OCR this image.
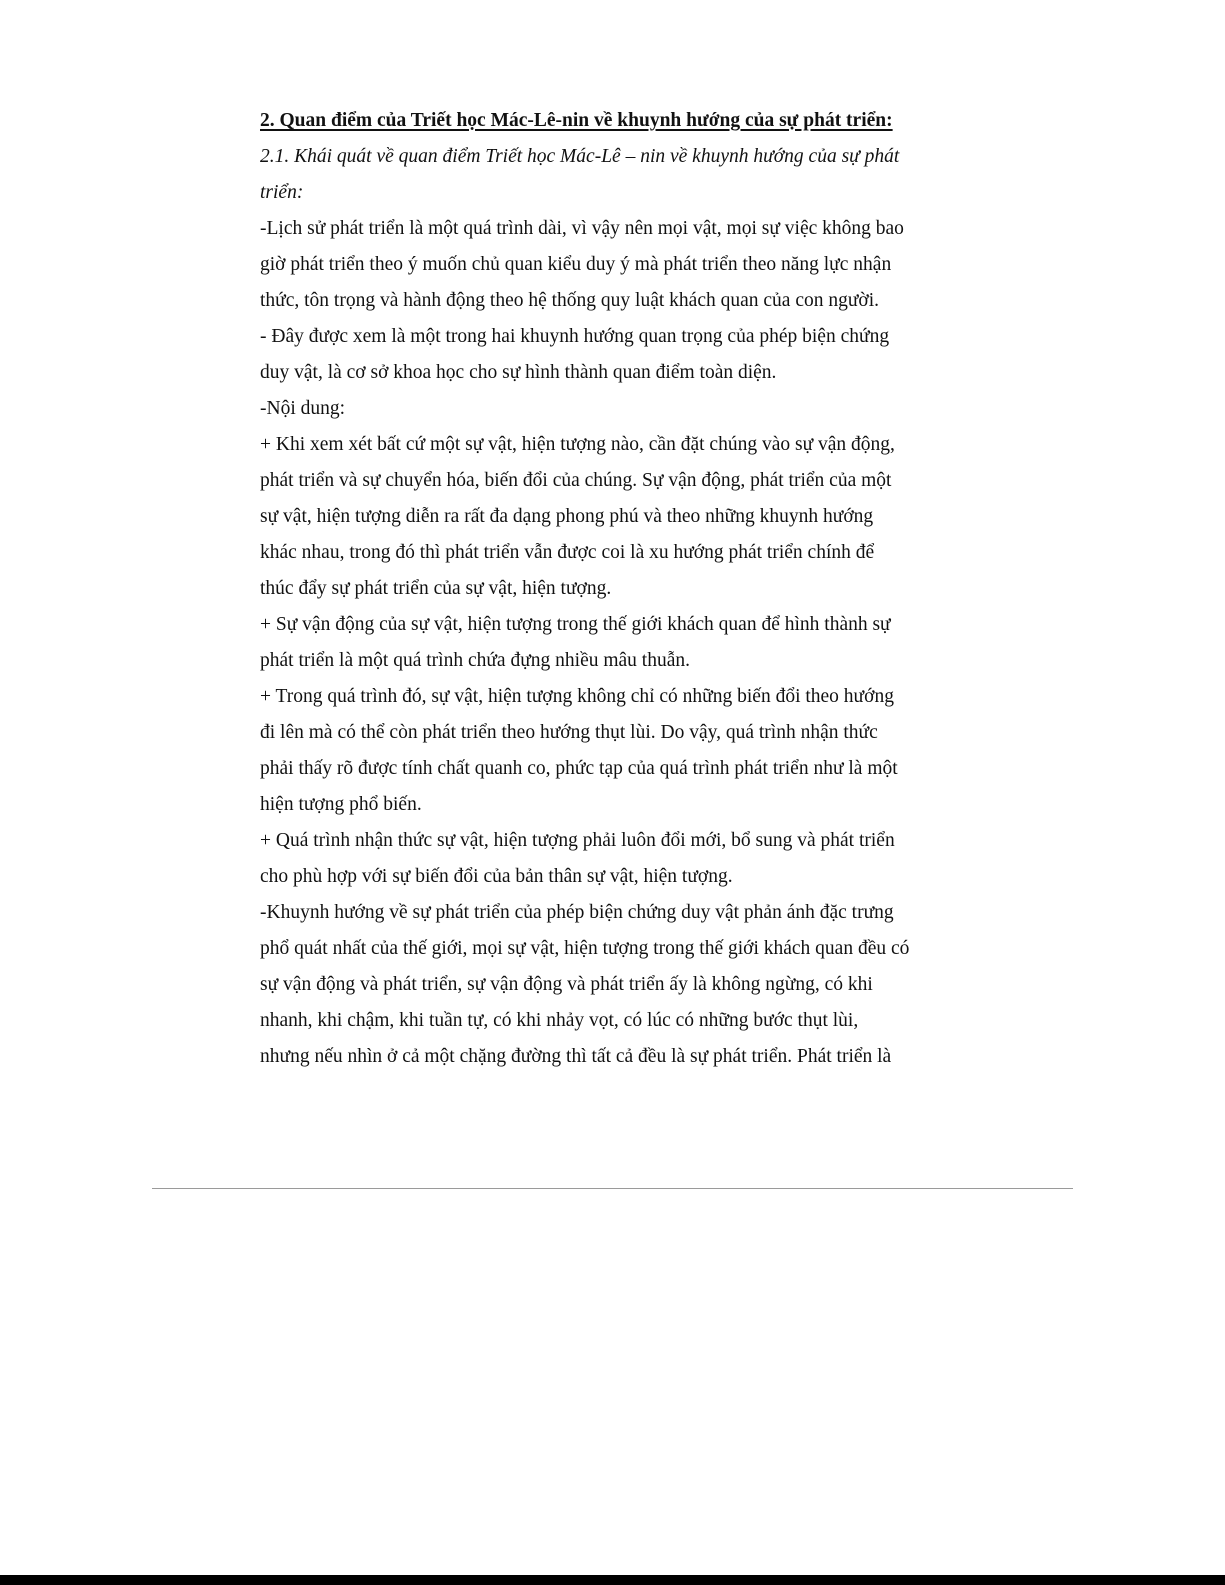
2. Quan điểm của Triết học Mác-Lê-nin về khuynh hướng của sự phát triển:
2.1. Khái quát về quan điểm Triết học Mác-Lê – nin về khuynh hướng của sự phát
triển:
-Lịch sử phát triển là một quá trình dài, vì vậy nên mọi vật, mọi sự việc không bao
giờ phát triển theo ý muốn chủ quan kiểu duy ý mà phát triển theo năng lực nhận
thức, tôn trọng và hành động theo hệ thống quy luật khách quan của con người.
- Đây được xem là một trong hai khuynh hướng quan trọng của phép biện chứng
duy vật, là cơ sở khoa học cho sự hình thành quan điểm toàn diện.
-Nội dung:
+ Khi xem xét bất cứ một sự vật, hiện tượng nào, cần đặt chúng vào sự vận động,
phát triển và sự chuyển hóa, biến đổi của chúng. Sự vận động, phát triển của một
sự vật, hiện tượng diễn ra rất đa dạng phong phú và theo những khuynh hướng
khác nhau, trong đó thì phát triển vẫn được coi là xu hướng phát triển chính để
thúc đẩy sự phát triển của sự vật, hiện tượng.
+ Sự vận động của sự vật, hiện tượng trong thế giới khách quan để hình thành sự
phát triển là một quá trình chứa đựng nhiều mâu thuẫn.
+ Trong quá trình đó, sự vật, hiện tượng không chỉ có những biến đổi theo hướng
đi lên mà có thể còn phát triển theo hướng thụt lùi. Do vậy, quá trình nhận thức
phải thấy rõ được tính chất quanh co, phức tạp của quá trình phát triển như là một
hiện tượng phổ biến.
+ Quá trình nhận thức sự vật, hiện tượng phải luôn đổi mới, bổ sung và phát triển
cho phù hợp với sự biến đổi của bản thân sự vật, hiện tượng.
-Khuynh hướng về sự phát triển của phép biện chứng duy vật phản ánh đặc trưng
phổ quát nhất của thế giới, mọi sự vật, hiện tượng trong thế giới khách quan đều có
sự vận động và phát triển, sự vận động và phát triển ấy là không ngừng, có khi
nhanh, khi chậm, khi tuần tự, có khi nhảy vọt, có lúc có những bước thụt lùi,
nhưng nếu nhìn ở cả một chặng đường thì tất cả đều là sự phát triển. Phát triển là
